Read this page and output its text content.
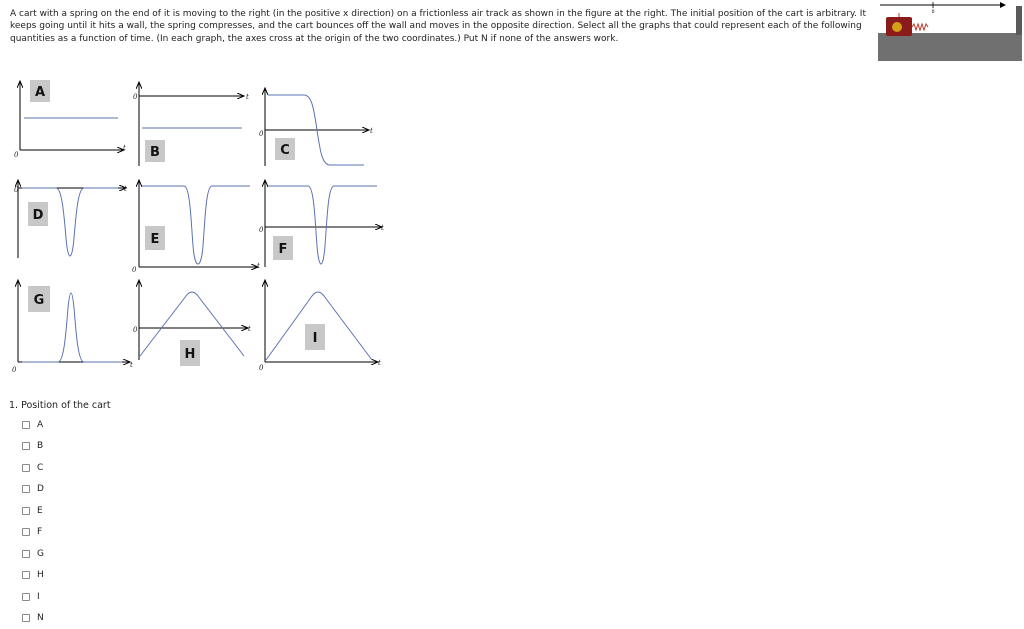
A cart with a spring on the end of it is moving to the right (in the positive x direction) on a frictionless air track as shown in the figure at the right. The initial position of the cart is arbitrary. It keeps going until it hits a wall, the spring compresses, and the cart bounces off the wall and moves in the opposite direction. Select all the graphs that could represent each of the following quantities as a function of time. (In each graph, the axes cross at the origin of the two coordinates.) Put N if none of the answers work.

0
A
0
t B
0	t
C
0	t
D
0	t
E
0	t
F
0	t
G
0
t
H
0	t
I
0
t

1. Position of the cart

A
B
C
D
E
F
G
H
I
N
